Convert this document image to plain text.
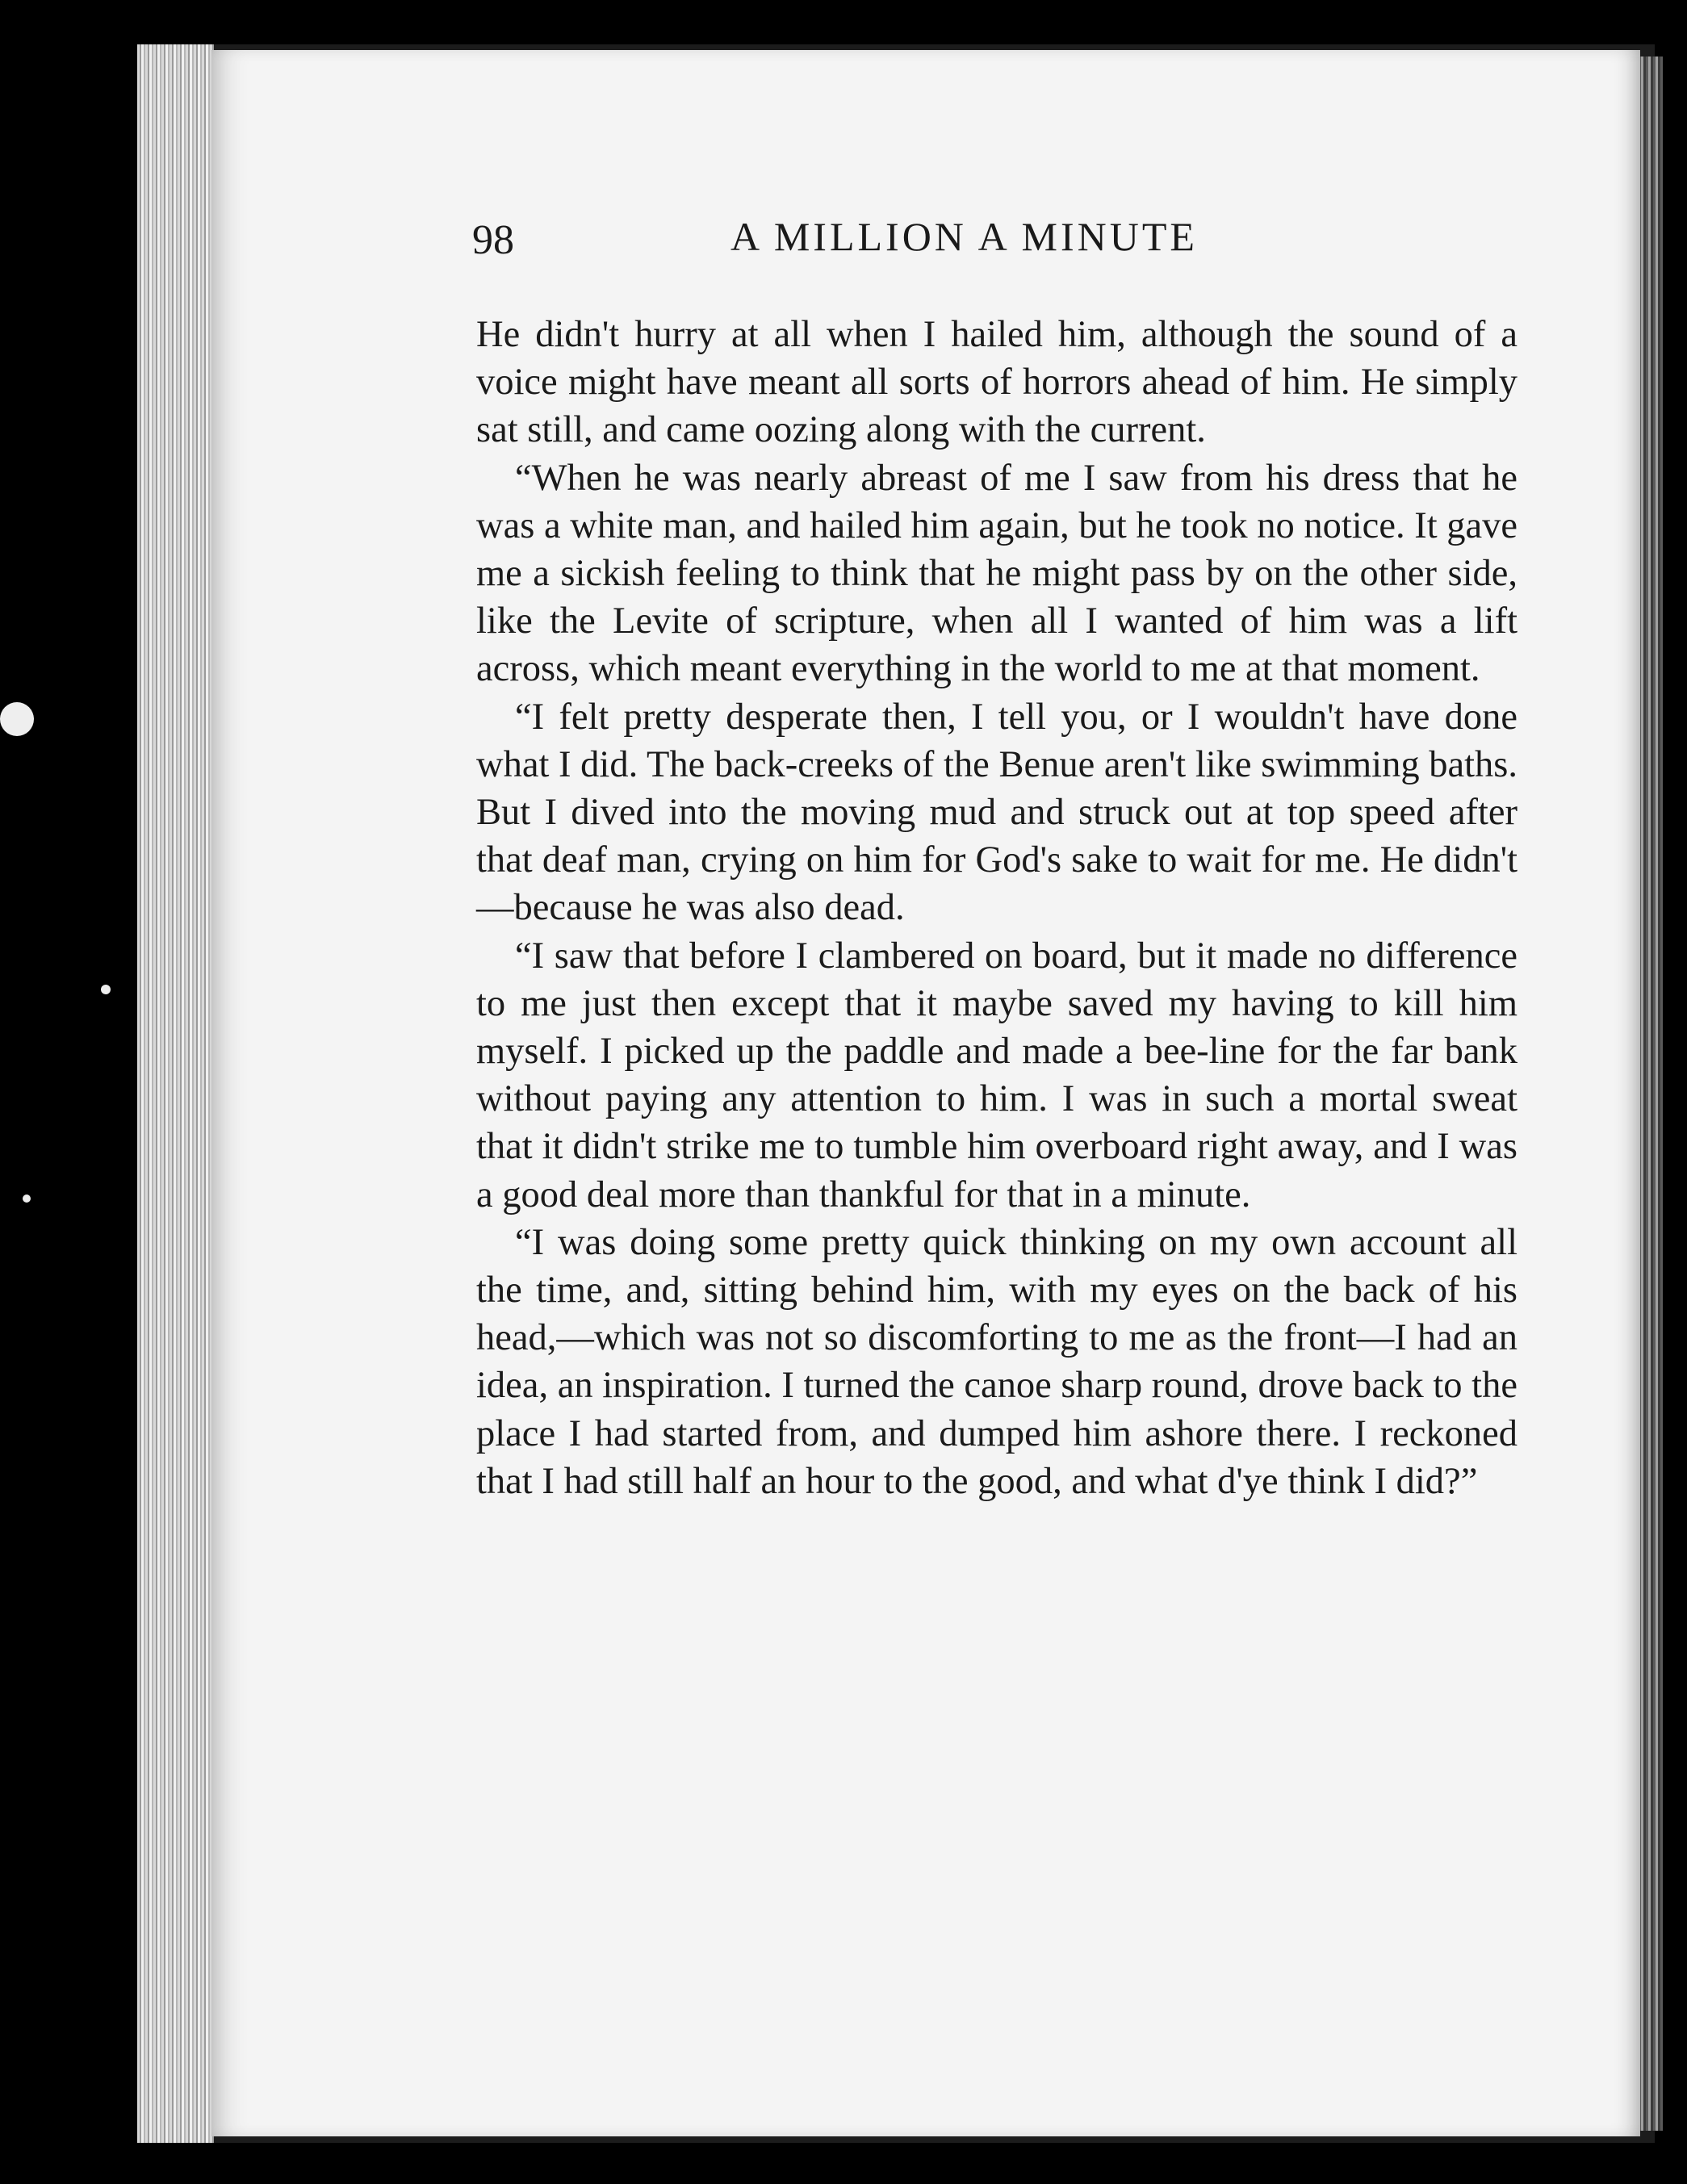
98	A MILLION A MINUTE

He didn't hurry at all when I hailed him, although the sound of a voice might have meant all sorts of horrors ahead of him. He simply sat still, and came oozing along with the current.

“When he was nearly abreast of me I saw from his dress that he was a white man, and hailed him again, but he took no notice. It gave me a sickish feeling to think that he might pass by on the other side, like the Levite of scripture, when all I wanted of him was a lift across, which meant everything in the world to me at that moment.

“I felt pretty desperate then, I tell you, or I wouldn't have done what I did. The back-creeks of the Benue aren't like swimming baths. But I dived into the moving mud and struck out at top speed after that deaf man, crying on him for God's sake to wait for me. He didn't—because he was also dead.

“I saw that before I clambered on board, but it made no difference to me just then except that it maybe saved my having to kill him myself. I picked up the paddle and made a bee-line for the far bank without paying any attention to him. I was in such a mortal sweat that it didn't strike me to tumble him overboard right away, and I was a good deal more than thankful for that in a minute.

“I was doing some pretty quick thinking on my own account all the time, and, sitting behind him, with my eyes on the back of his head,—which was not so discomforting to me as the front—I had an idea, an inspiration. I turned the canoe sharp round, drove back to the place I had started from, and dumped him ashore there. I reckoned that I had still half an hour to the good, and what d'ye think I did?”
